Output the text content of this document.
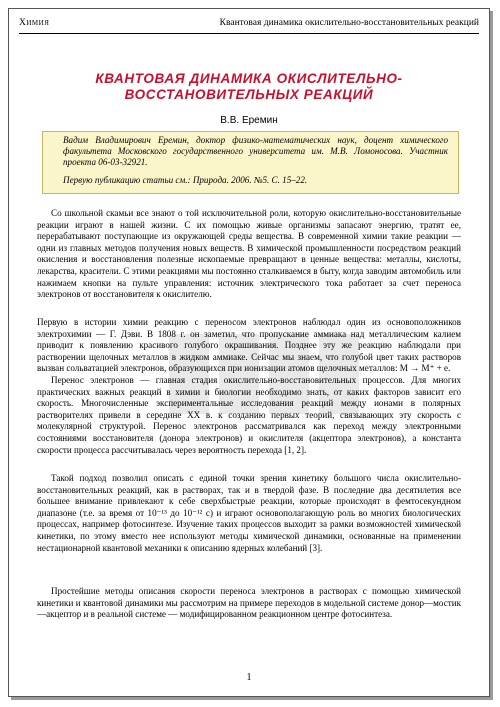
Химия	Квантовая динамика окислительно-восстановительных реакций
КВАНТОВАЯ ДИНАМИКА ОКИСЛИТЕЛЬНО-ВОССТАНОВИТЕЛЬНЫХ РЕАКЦИЙ
В.В. Еремин

Вадим Владимирович Еремин, доктор физико-математических наук, доцент химического факультета Московского государственного университета им. М.В. Ломоносова. Участник проекта 06-03-32921.

Первую публикацию статьи см.: Природа. 2006. №5. С. 15–22.

Со школьной скамьи все знают о той исключительной роли, которую окислительно-восстановительные реакции играют в нашей жизни. С их помощью живые организмы запасают энергию, тратят ее, перерабатывают поступающие из окружающей среды вещества. В современной химии такие реакции — одни из главных методов получения новых веществ. В химической промышленности посредством реакций окисления и восстановления полезные ископаемые превращают в ценные вещества: металлы, кислоты, лекарства, красители. С этими реакциями мы постоянно сталкиваемся в быту, когда заводим автомобиль или нажимаем кнопки на пульте управления: источник электрического тока работает за счет переноса электронов от восстановителя к окислителю.

Первую в истории химии реакцию с переносом электронов наблюдал один из основоположников электрохимии — Г. Дэви. В 1808 г. он заметил, что пропускание аммиака над металлическим калием приводит к появлению красивого голубого окрашивания. Позднее эту же реакцию наблюдали при растворении щелочных металлов в жидком аммиаке. Сейчас мы знаем, что голубой цвет таких растворов вызван сольватацией электронов, образующихся при ионизации атомов щелочных металлов: M → M⁺ + e.

Перенос электронов — главная стадия окислительно-восстановительных процессов. Для многих практических важных реакций в химии и биологии необходимо знать, от каких факторов зависит его скорость. Многочисленные экспериментальные исследования реакций между ионами в полярных растворителях привели в середине XX в. к созданию первых теорий, связывающих эту скорость с молекулярной структурой. Перенос электронов рассматривался как переход между электронными состояниями восстановителя (донора электронов) и окислителя (акцептора электронов), а константа скорости процесса рассчитывалась через вероятность перехода [1, 2].

Такой подход позволил описать с единой точки зрения кинетику большого числа окислительно-восстановительных реакций, как в растворах, так и в твердой фазе. В последние два десятилетия все большее внимание привлекают к себе сверхбыстрые реакции, которые происходят в фемтосекундном диапазоне (т.е. за время от 10⁻¹³ до 10⁻¹² с) и играют основополагающую роль во многих биологических процессах, например фотосинтезе. Изучение таких процессов выходит за рамки возможностей химической кинетики, по этому вместо нее используют методы химической динамики, основанные на применении нестационарной квантовой механики к описанию ядерных колебаний [3].

Простейшие методы описания скорости переноса электронов в растворах с помощью химической кинетики и квантовой динамики мы рассмотрим на примере переходов в модельной системе донор—мостик—акцептор и в реальной системе — модифицированном реакционном центре фотосинтеза.

1
